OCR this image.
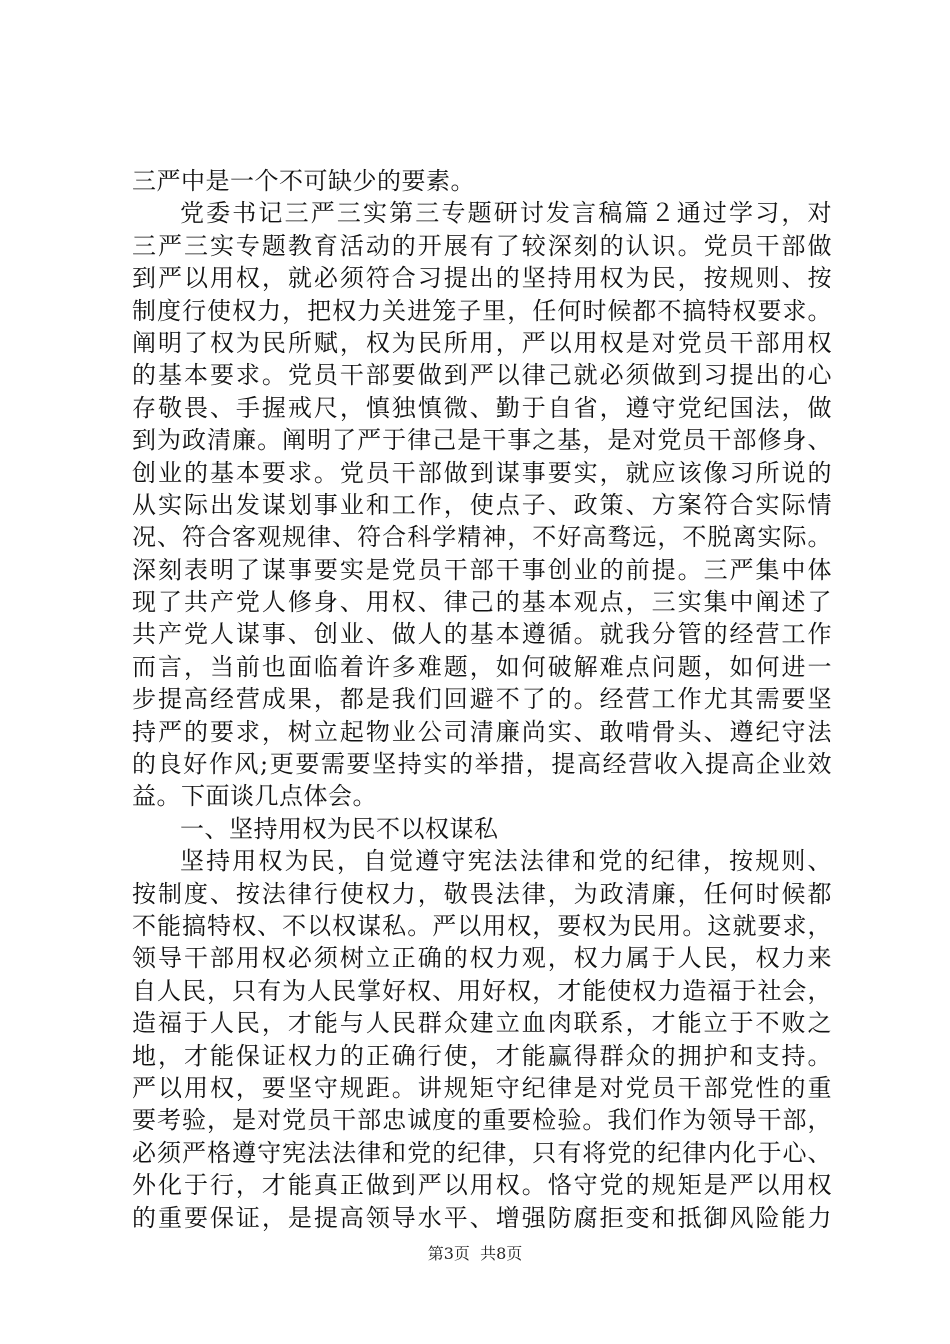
三严中是一个不可缺少的要素。
党委书记三严三实第三专题研讨发言稿篇２通过学习，对
三严三实专题教育活动的开展有了较深刻的认识。党员干部做
到严以用权，就必须符合习提出的坚持用权为民，按规则、按
制度行使权力，把权力关进笼子里，任何时候都不搞特权要求。
阐明了权为民所赋，权为民所用，严以用权是对党员干部用权
的基本要求。党员干部要做到严以律己就必须做到习提出的心
存敬畏、手握戒尺，慎独慎微、勤于自省，遵守党纪国法，做
到为政清廉。阐明了严于律己是干事之基，是对党员干部修身、
创业的基本要求。党员干部做到谋事要实，就应该像习所说的
从实际出发谋划事业和工作，使点子、政策、方案符合实际情
况、符合客观规律、符合科学精神，不好高骛远，不脱离实际。
深刻表明了谋事要实是党员干部干事创业的前提。三严集中体
现了共产党人修身、用权、律己的基本观点，三实集中阐述了
共产党人谋事、创业、做人的基本遵循。就我分管的经营工作
而言，当前也面临着许多难题，如何破解难点问题，如何进一
步提高经营成果，都是我们回避不了的。经营工作尤其需要坚
持严的要求，树立起物业公司清廉尚实、敢啃骨头、遵纪守法
的良好作风;更要需要坚持实的举措，提高经营收入提高企业效
益。下面谈几点体会。
一、坚持用权为民不以权谋私
坚持用权为民，自觉遵守宪法法律和党的纪律，按规则、
按制度、按法律行使权力，敬畏法律，为政清廉，任何时候都
不能搞特权、不以权谋私。严以用权，要权为民用。这就要求，
领导干部用权必须树立正确的权力观，权力属于人民，权力来
自人民，只有为人民掌好权、用好权，才能使权力造福于社会，
造福于人民，才能与人民群众建立血肉联系，才能立于不败之
地，才能保证权力的正确行使，才能赢得群众的拥护和支持。
严以用权，要坚守规距。讲规矩守纪律是对党员干部党性的重
要考验，是对党员干部忠诚度的重要检验。我们作为领导干部，
必须严格遵守宪法法律和党的纪律，只有将党的纪律内化于心、
外化于行，才能真正做到严以用权。恪守党的规矩是严以用权
的重要保证，是提高领导水平、增强防腐拒变和抵御风险能力
第3页  共8页
